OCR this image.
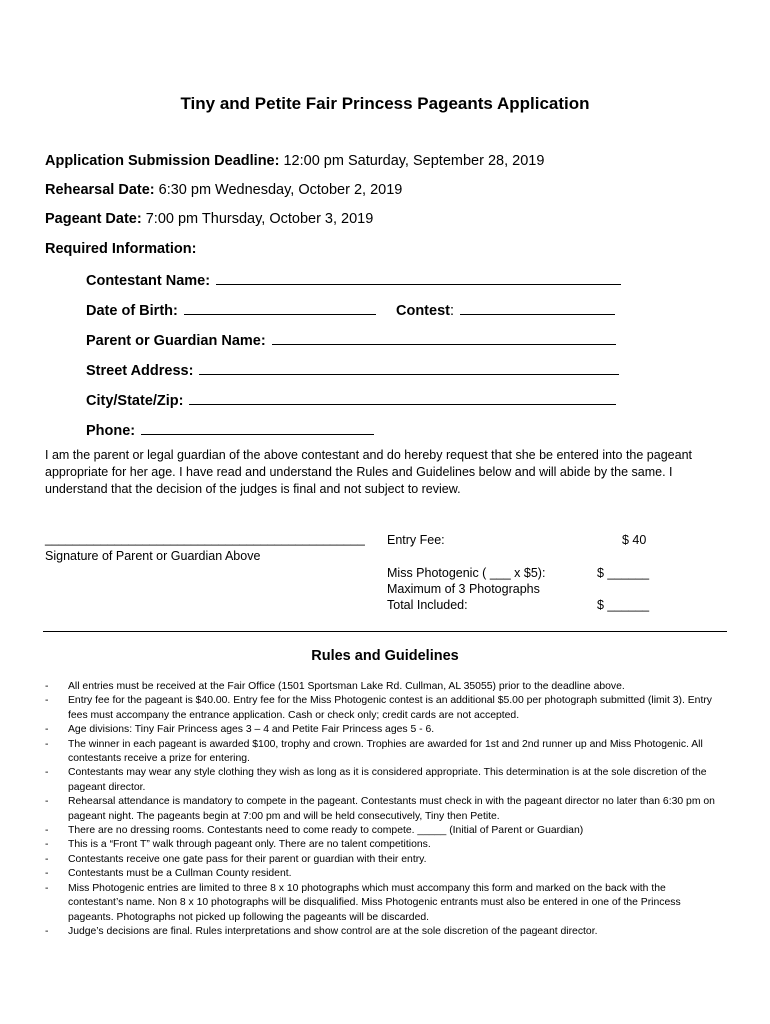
Tiny and Petite Fair Princess Pageants Application
Application Submission Deadline: 12:00 pm Saturday, September 28, 2019
Rehearsal Date: 6:30 pm Wednesday, October 2, 2019
Pageant Date: 7:00 pm Thursday, October 3, 2019
Required Information:
Contestant Name:
Date of Birth:	Contest:
Parent or Guardian Name:
Street Address:
City/State/Zip:
Phone:
I am the parent or legal guardian of the above contestant and do hereby request that she be entered into the pageant appropriate for her age. I have read and understand the Rules and Guidelines below and will abide by the same. I understand that the decision of the judges is final and not subject to review.
______________________________________________
Signature of Parent or Guardian Above
Entry Fee:	$ 40
Miss Photogenic ( ___ x $5):	$ ______
Maximum of 3 Photographs
Total Included:	$ ______
Rules and Guidelines
- All entries must be received at the Fair Office (1501 Sportsman Lake Rd. Cullman, AL 35055) prior to the deadline above.
- Entry fee for the pageant is $40.00. Entry fee for the Miss Photogenic contest is an additional $5.00 per photograph submitted (limit 3). Entry fees must accompany the entrance application. Cash or check only; credit cards are not accepted.
- Age divisions: Tiny Fair Princess ages 3 – 4 and Petite Fair Princess ages 5 - 6.
- The winner in each pageant is awarded $100, trophy and crown. Trophies are awarded for 1st and 2nd runner up and Miss Photogenic. All contestants receive a prize for entering.
- Contestants may wear any style clothing they wish as long as it is considered appropriate. This determination is at the sole discretion of the pageant director.
- Rehearsal attendance is mandatory to compete in the pageant. Contestants must check in with the pageant director no later than 6:30 pm on pageant night. The pageants begin at 7:00 pm and will be held consecutively, Tiny then Petite.
- There are no dressing rooms. Contestants need to come ready to compete. _____ (Initial of Parent or Guardian)
- This is a “Front T” walk through pageant only. There are no talent competitions.
- Contestants receive one gate pass for their parent or guardian with their entry.
- Contestants must be a Cullman County resident.
- Miss Photogenic entries are limited to three 8 x 10 photographs which must accompany this form and marked on the back with the contestant’s name. Non 8 x 10 photographs will be disqualified. Miss Photogenic entrants must also be entered in one of the Princess pageants. Photographs not picked up following the pageants will be discarded.
- Judge’s decisions are final. Rules interpretations and show control are at the sole discretion of the pageant director.
